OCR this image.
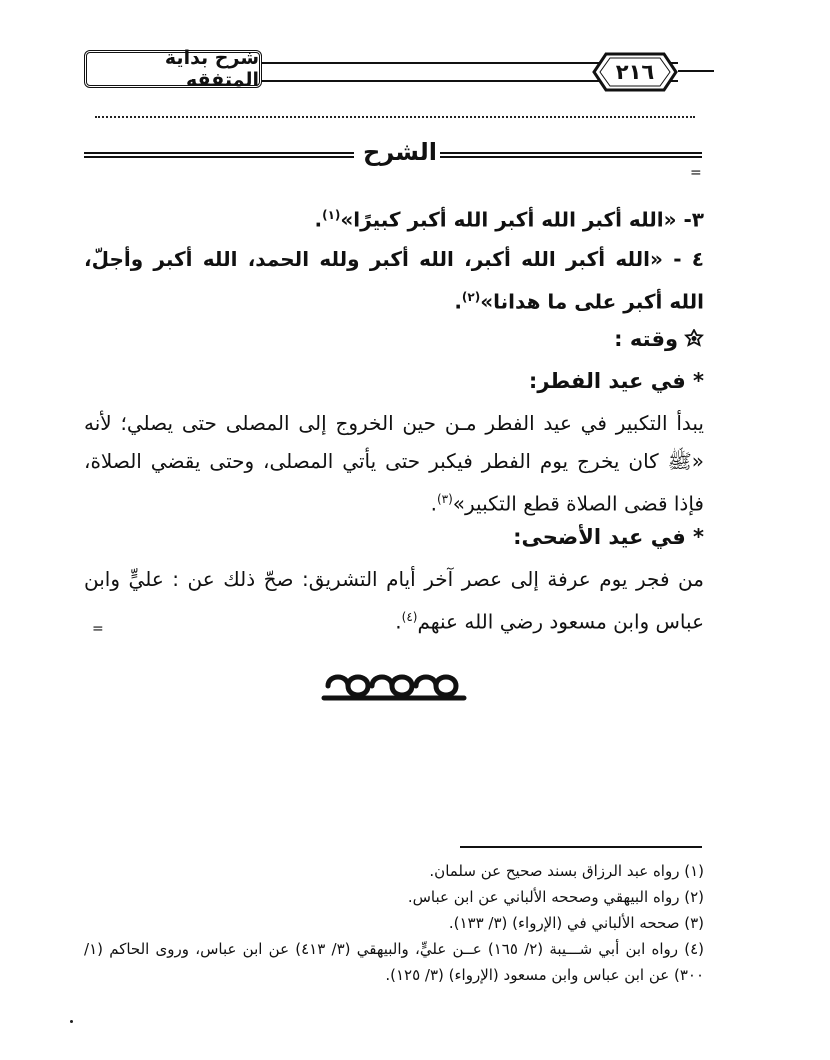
شرح بداية المتفقه	٢١٦
الشرح
=
٣- «الله أكبر الله أكبر الله أكبر كبيرًا»$^{(١)}$.
٤ - «الله أكبر الله أكبر، الله أكبر ولله الحمد، الله أكبر وأجلّ، الله أكبر على ما هدانا»$^{(٢)}$.
وقته :
* في عيد الفطر:
يبدأ التكبير في عيد الفطر مـن حين الخروج إلى المصلى حتى يصلي؛ لأنه «ﷺ كان يخرج يوم الفطر فيكبر حتى يأتي المصلى، وحتى يقضي الصلاة، فإذا قضى الصلاة قطع التكبير»$^{(٣)}$.
* في عيد الأضحى:
من فجر يوم عرفة إلى عصر آخر أيام التشريق: صحّ ذلك عن : عليٍّ وابن عباس وابن مسعود رضي الله عنهم$^{(٤)}$.
=
(١) رواه عبد الرزاق بسند صحيح عن سلمان.
(٢) رواه البيهقي وصححه الألباني عن ابن عباس.
(٣) صححه الألباني في (الإرواء) (٣/ ١٣٣).
(٤) رواه ابن أبي شـــيبة (٢/ ١٦٥) عــن عليٍّ، والبيهقي (٣/ ٤١٣) عن ابن عباس، وروى الحاكم (١/ ٣٠٠) عن ابن عباس وابن مسعود (الإرواء) (٣/ ١٢٥).
